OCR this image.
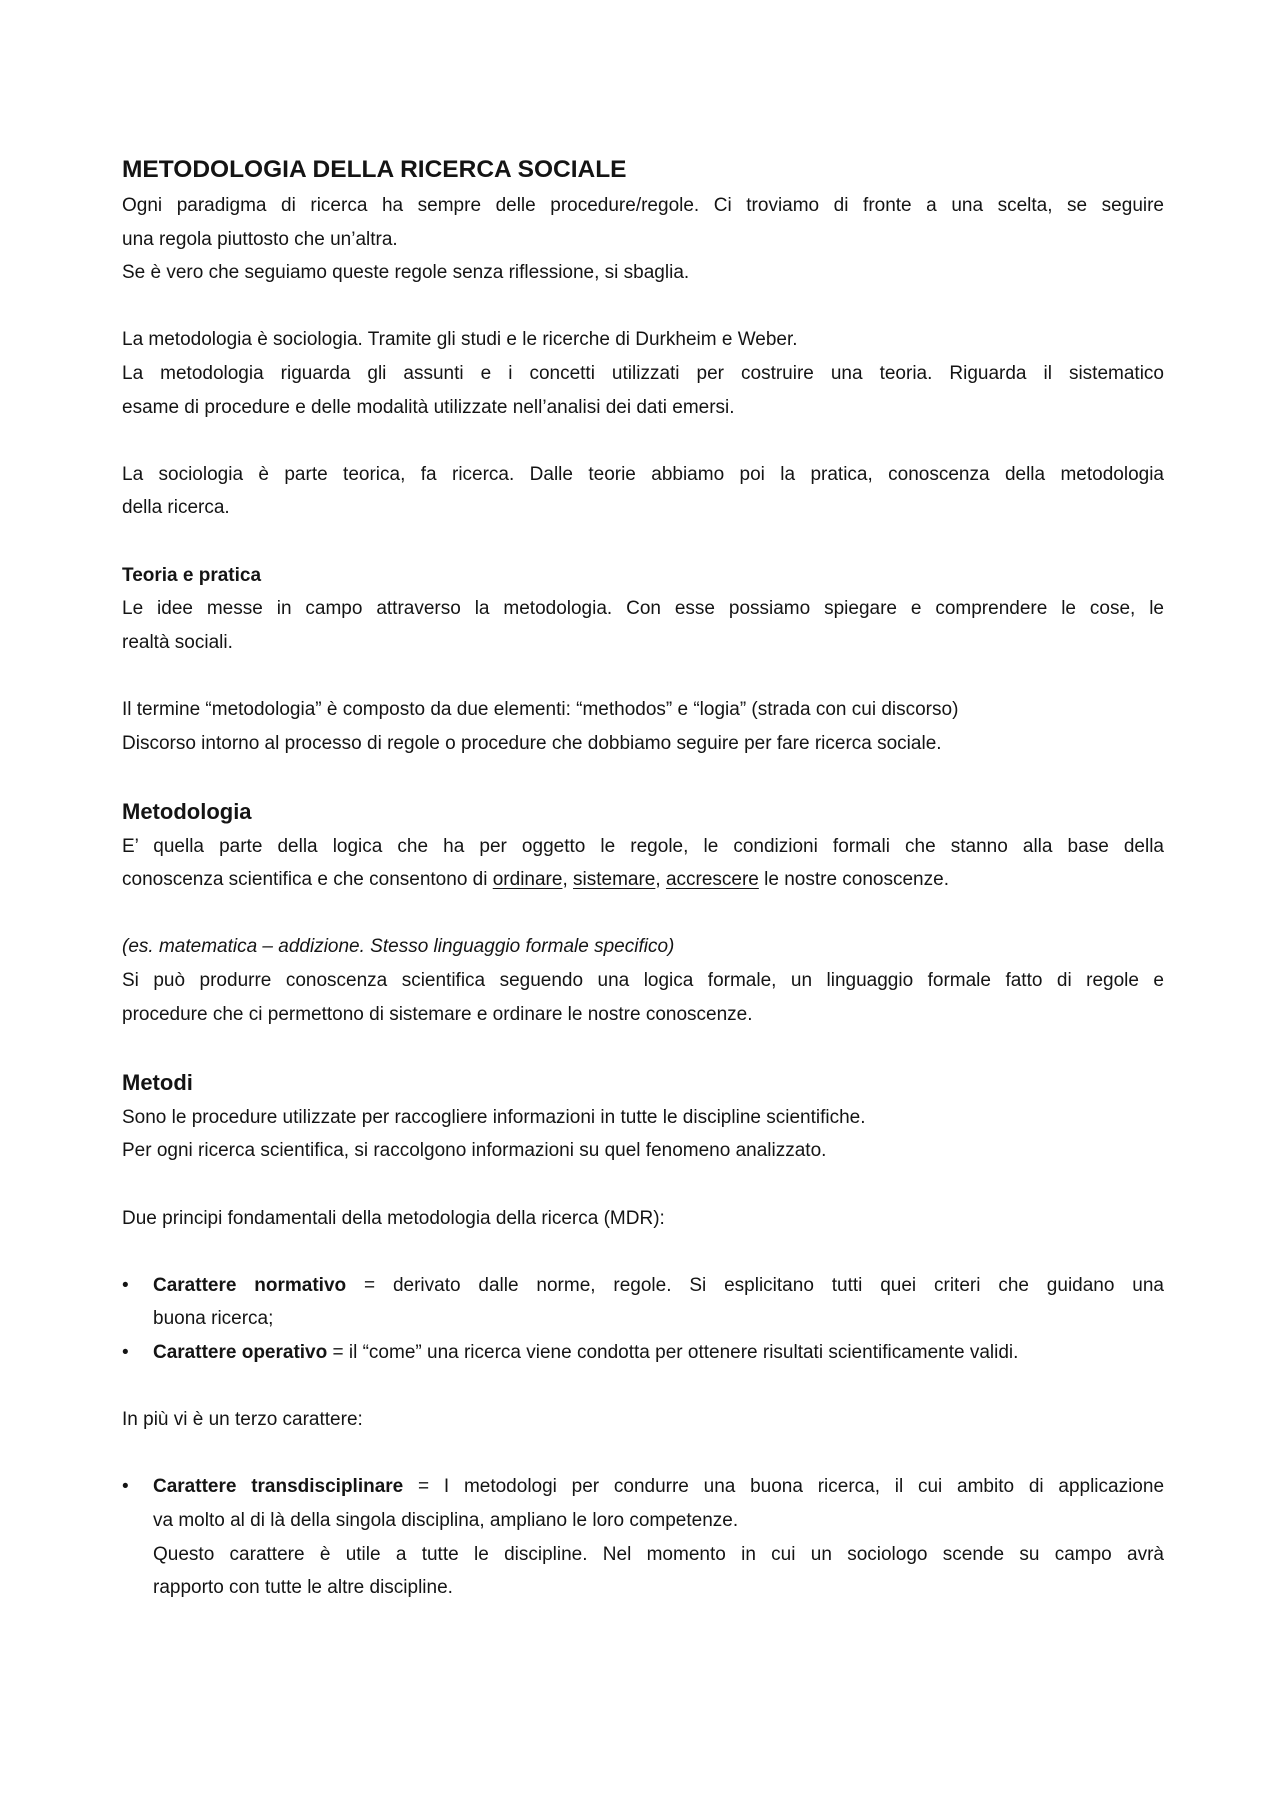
METODOLOGIA DELLA RICERCA SOCIALE
Ogni paradigma di ricerca ha sempre delle procedure/regole. Ci troviamo di fronte a una scelta, se seguire
una regola piuttosto che un’altra.
Se è vero che seguiamo queste regole senza riflessione, si sbaglia.
La metodologia è sociologia. Tramite gli studi e le ricerche di Durkheim e Weber.
La metodologia riguarda gli assunti e i concetti utilizzati per costruire una teoria. Riguarda il sistematico
esame di procedure e delle modalità utilizzate nell’analisi dei dati emersi.
La sociologia è parte teorica, fa ricerca. Dalle teorie abbiamo poi la pratica, conoscenza della metodologia
della ricerca.
Teoria e pratica
Le idee messe in campo attraverso la metodologia. Con esse possiamo spiegare e comprendere le cose, le
realtà sociali.
Il termine “metodologia” è composto da due elementi: “methodos” e “logia” (strada con cui discorso)
Discorso intorno al processo di regole o procedure che dobbiamo seguire per fare ricerca sociale.
Metodologia
E’ quella parte della logica che ha per oggetto le regole, le condizioni formali che stanno alla base della
conoscenza scientifica e che consentono di ordinare, sistemare, accrescere le nostre conoscenze.
(es. matematica – addizione. Stesso linguaggio formale specifico)
Si può produrre conoscenza scientifica seguendo una logica formale, un linguaggio formale fatto di regole e
procedure che ci permettono di sistemare e ordinare le nostre conoscenze.
Metodi
Sono le procedure utilizzate per raccogliere informazioni in tutte le discipline scientifiche.
Per ogni ricerca scientifica, si raccolgono informazioni su quel fenomeno analizzato.
Due principi fondamentali della metodologia della ricerca (MDR):
• Carattere normativo = derivato dalle norme, regole. Si esplicitano tutti quei criteri che guidano una
buona ricerca;
• Carattere operativo = il “come” una ricerca viene condotta per ottenere risultati scientificamente validi.
In più vi è un terzo carattere:
• Carattere transdisciplinare = I metodologi per condurre una buona ricerca, il cui ambito di applicazione
va molto al di là della singola disciplina, ampliano le loro competenze.
Questo carattere è utile a tutte le discipline. Nel momento in cui un sociologo scende su campo avrà
rapporto con tutte le altre discipline.
